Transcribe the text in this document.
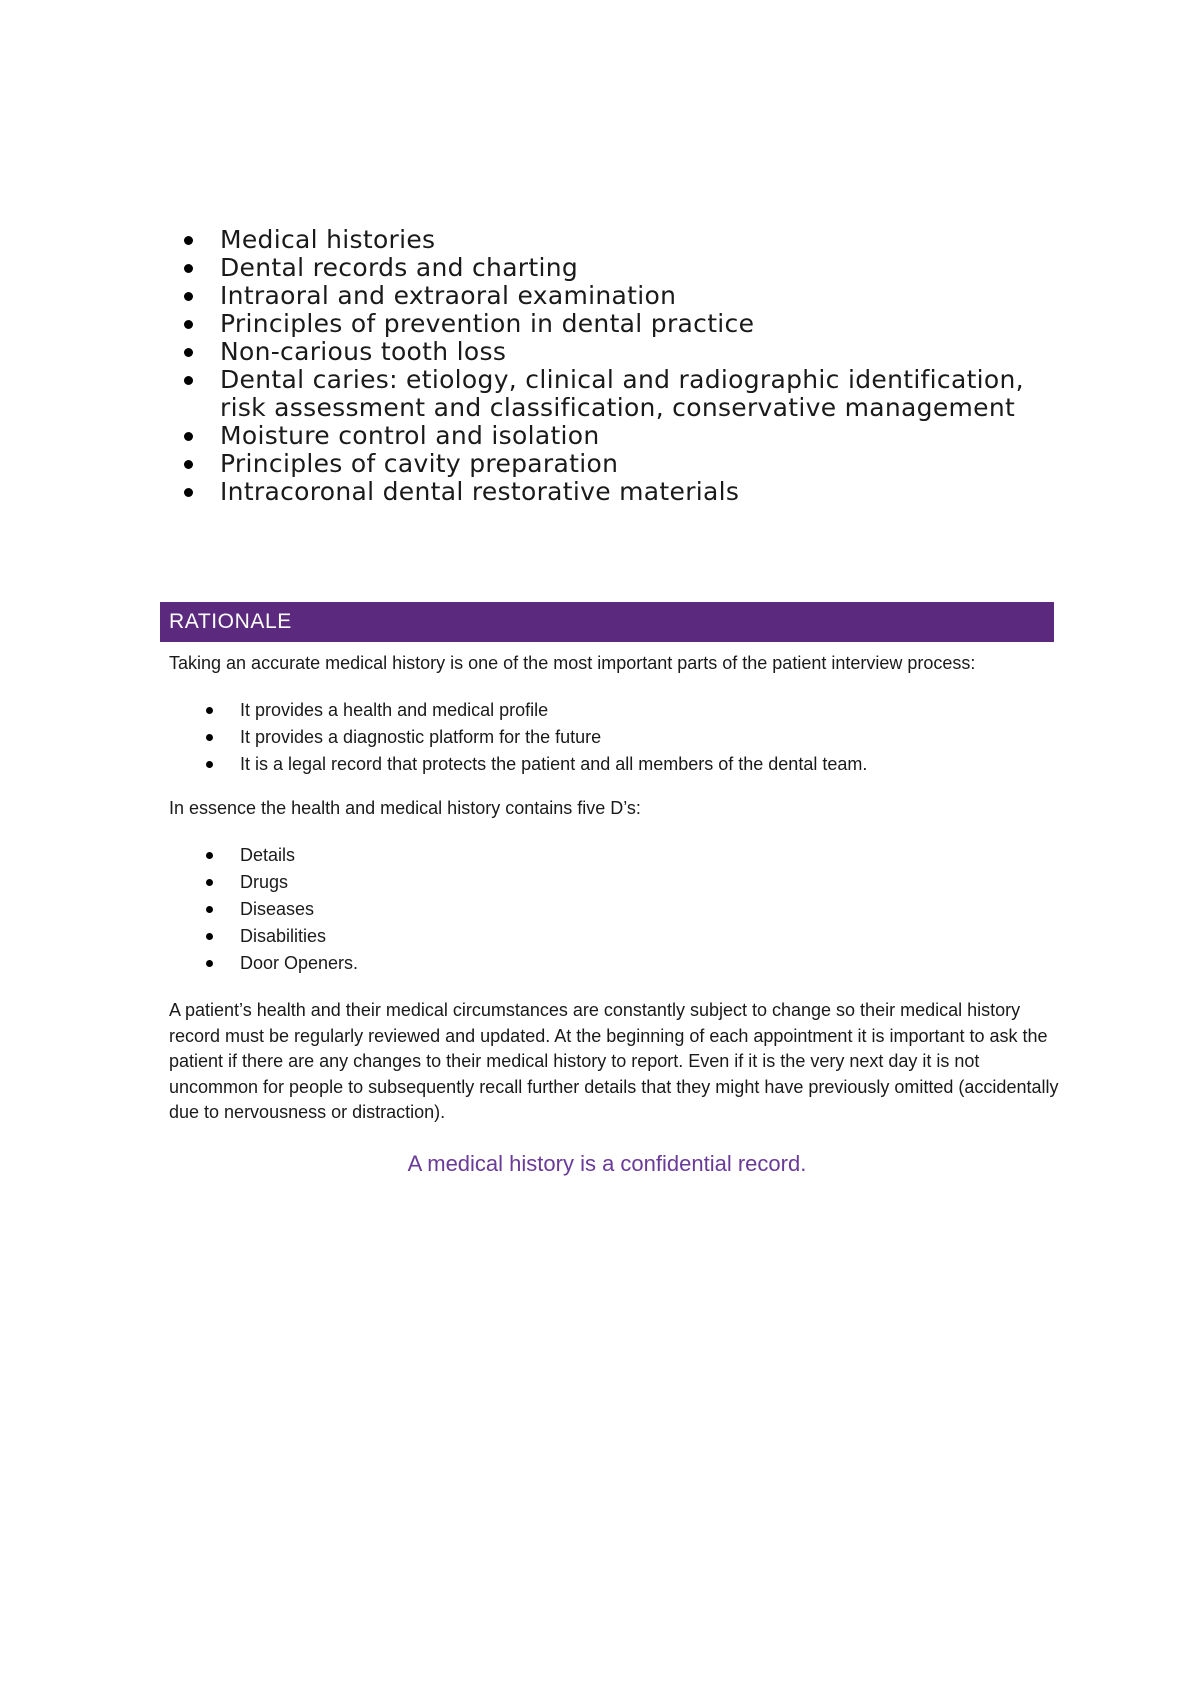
Medical histories
Dental records and charting
Intraoral and extraoral examination
Principles of prevention in dental practice
Non-carious tooth loss
Dental caries: etiology, clinical and radiographic identification, risk assessment and classification, conservative management
Moisture control and isolation
Principles of cavity preparation
Intracoronal dental restorative materials
RATIONALE

Taking an accurate medical history is one of the most important parts of the patient interview process:

It provides a health and medical profile
It provides a diagnostic platform for the future
It is a legal record that protects the patient and all members of the dental team.

In essence the health and medical history contains five D’s:

Details
Drugs
Diseases
Disabilities
Door Openers.

A patient’s health and their medical circumstances are constantly subject to change so their medical history record must be regularly reviewed and updated. At the beginning of each appointment it is important to ask the patient if there are any changes to their medical history to report. Even if it is the very next day it is not uncommon for people to subsequently recall further details that they might have previously omitted (accidentally due to nervousness or distraction).

A medical history is a confidential record.
